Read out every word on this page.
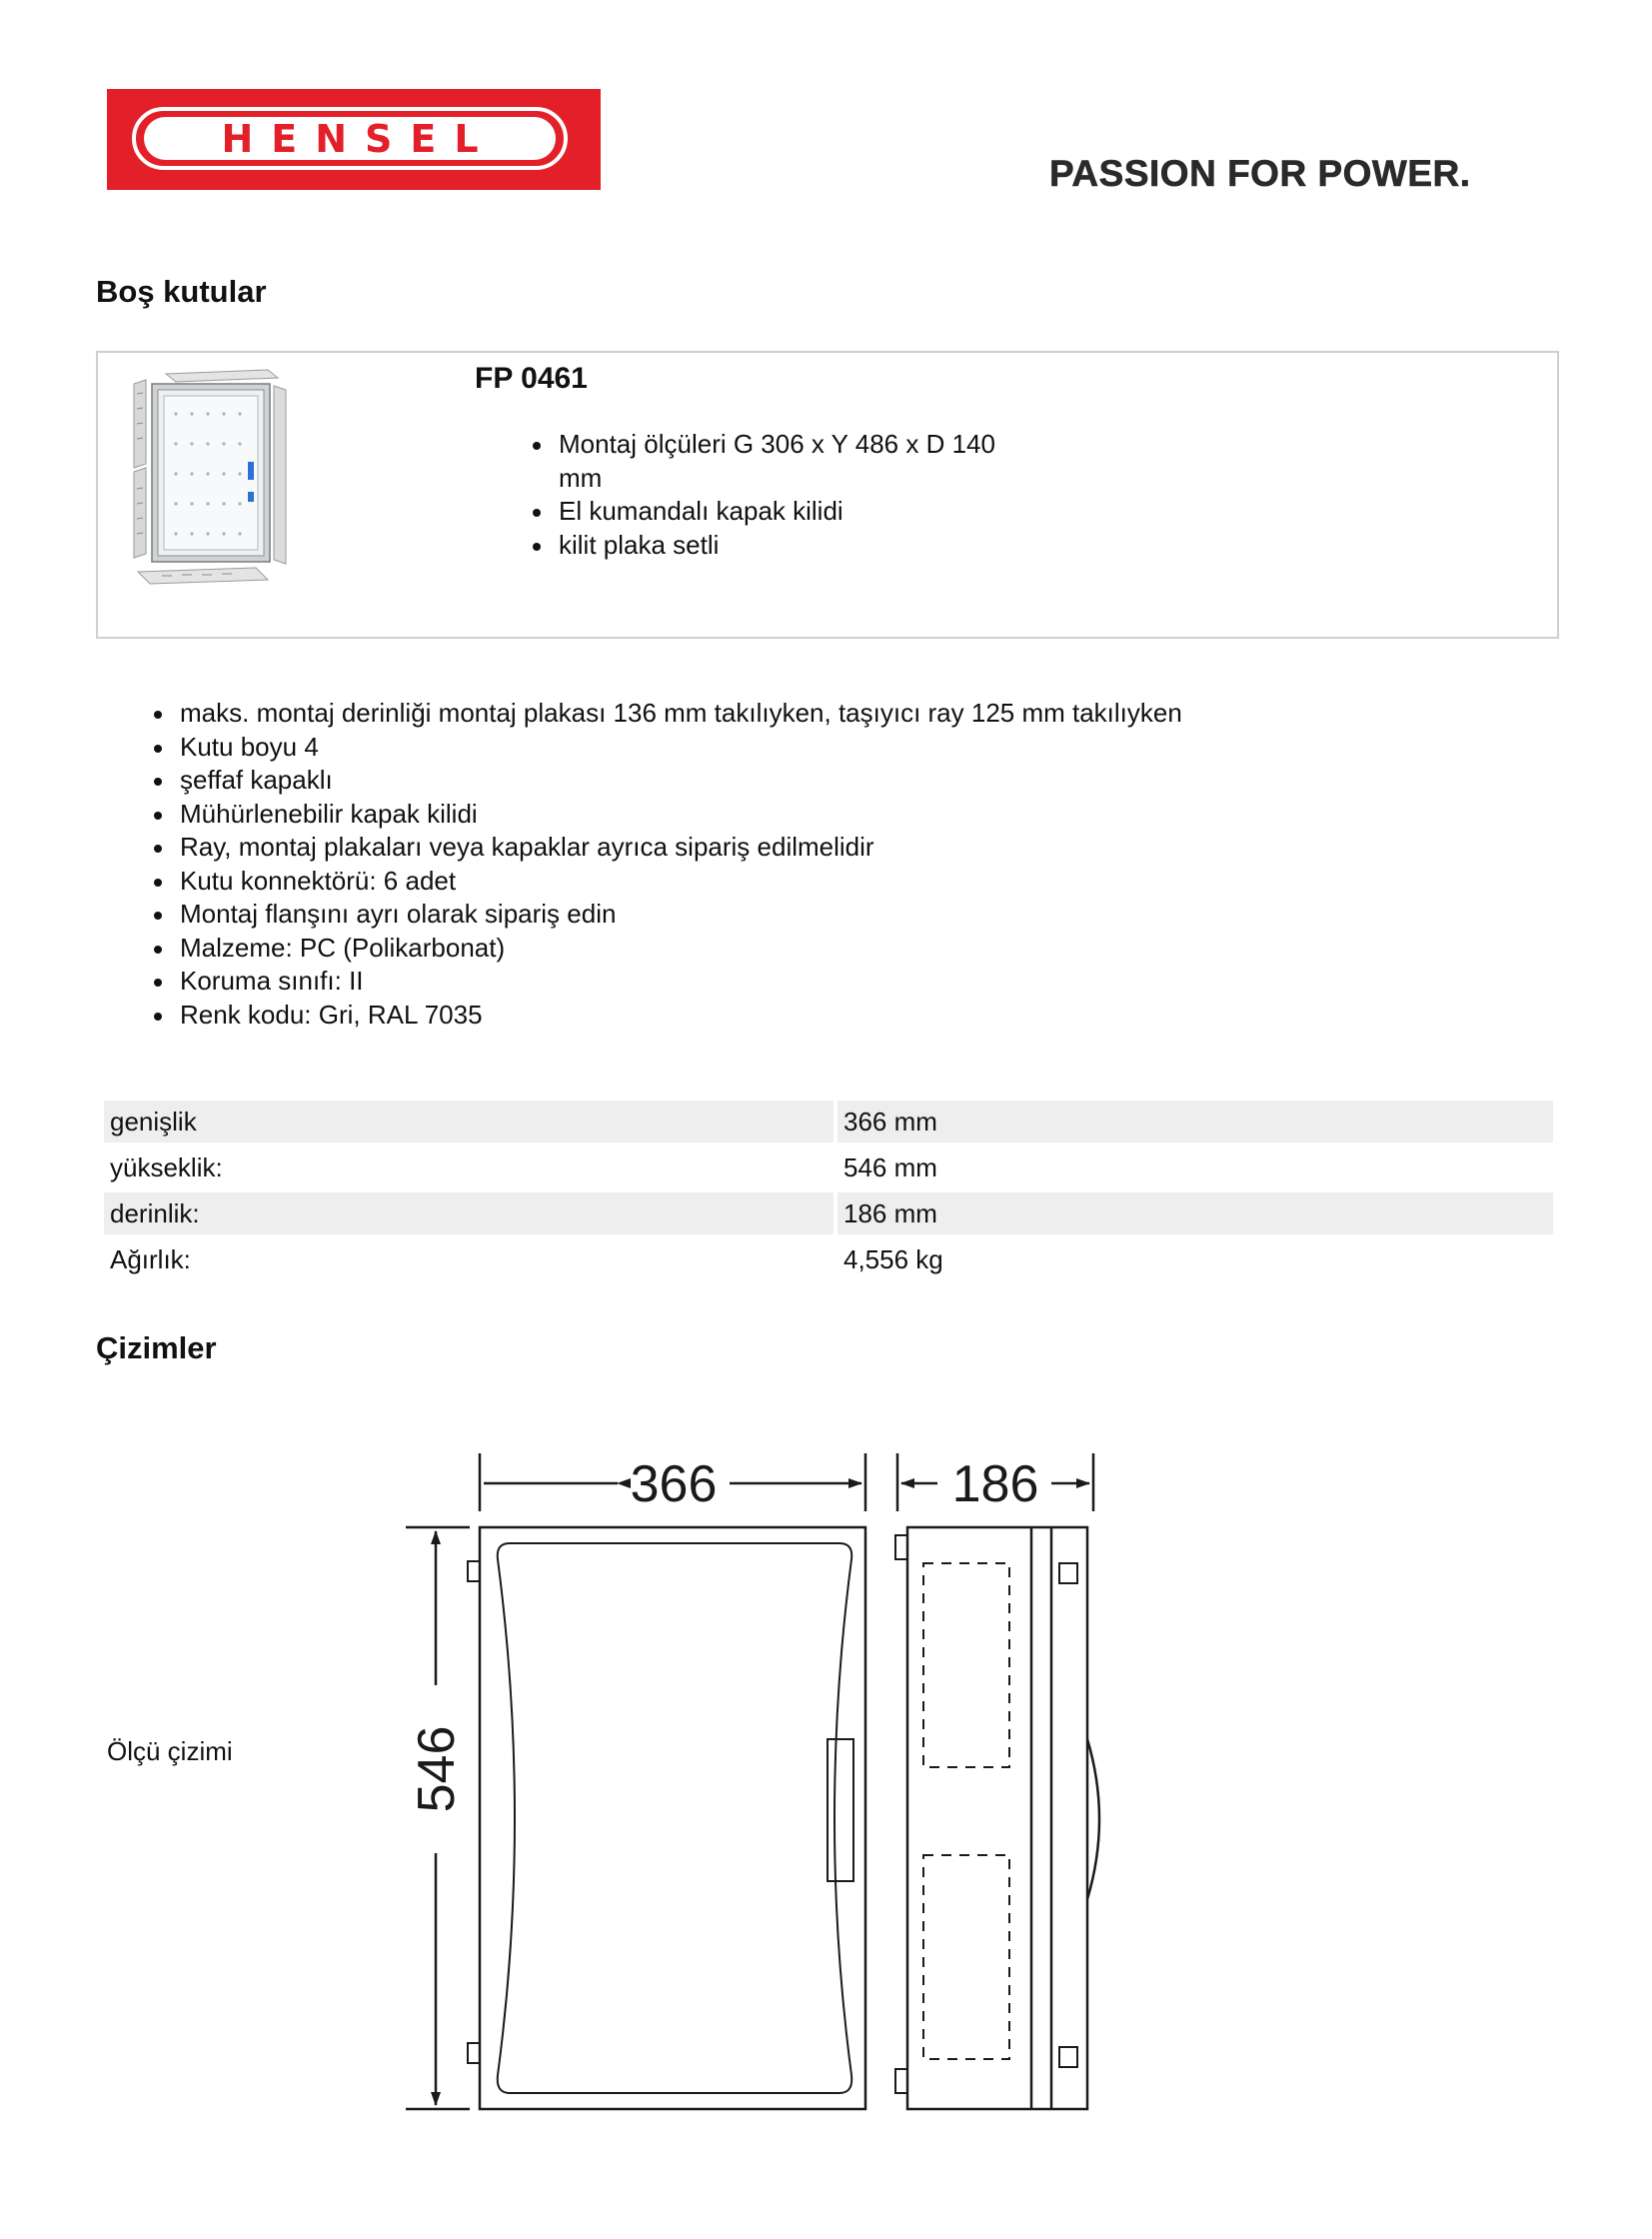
HENSEL
PASSION FOR POWER.
Boş kutular
FP 0461
Montaj ölçüleri G 306 x Y 486 x D 140 mm
El kumandalı kapak kilidi
kilit plaka setli
maks. montaj derinliği montaj plakası 136 mm takılıyken, taşıyıcı ray 125 mm takılıyken
Kutu boyu 4
şeffaf kapaklı
Mühürlenebilir kapak kilidi
Ray, montaj plakaları veya kapaklar ayrıca sipariş edilmelidir
Kutu konnektörü: 6 adet
Montaj flanşını ayrı olarak sipariş edin
Malzeme: PC (Polikarbonat)
Koruma sınıfı: II
Renk kodu: Gri, RAL 7035
genişlik	366 mm
yükseklik:	546 mm
derinlik:	186 mm
Ağırlık:	4,556 kg
Çizimler
Ölçü çizimi
366	186
546
